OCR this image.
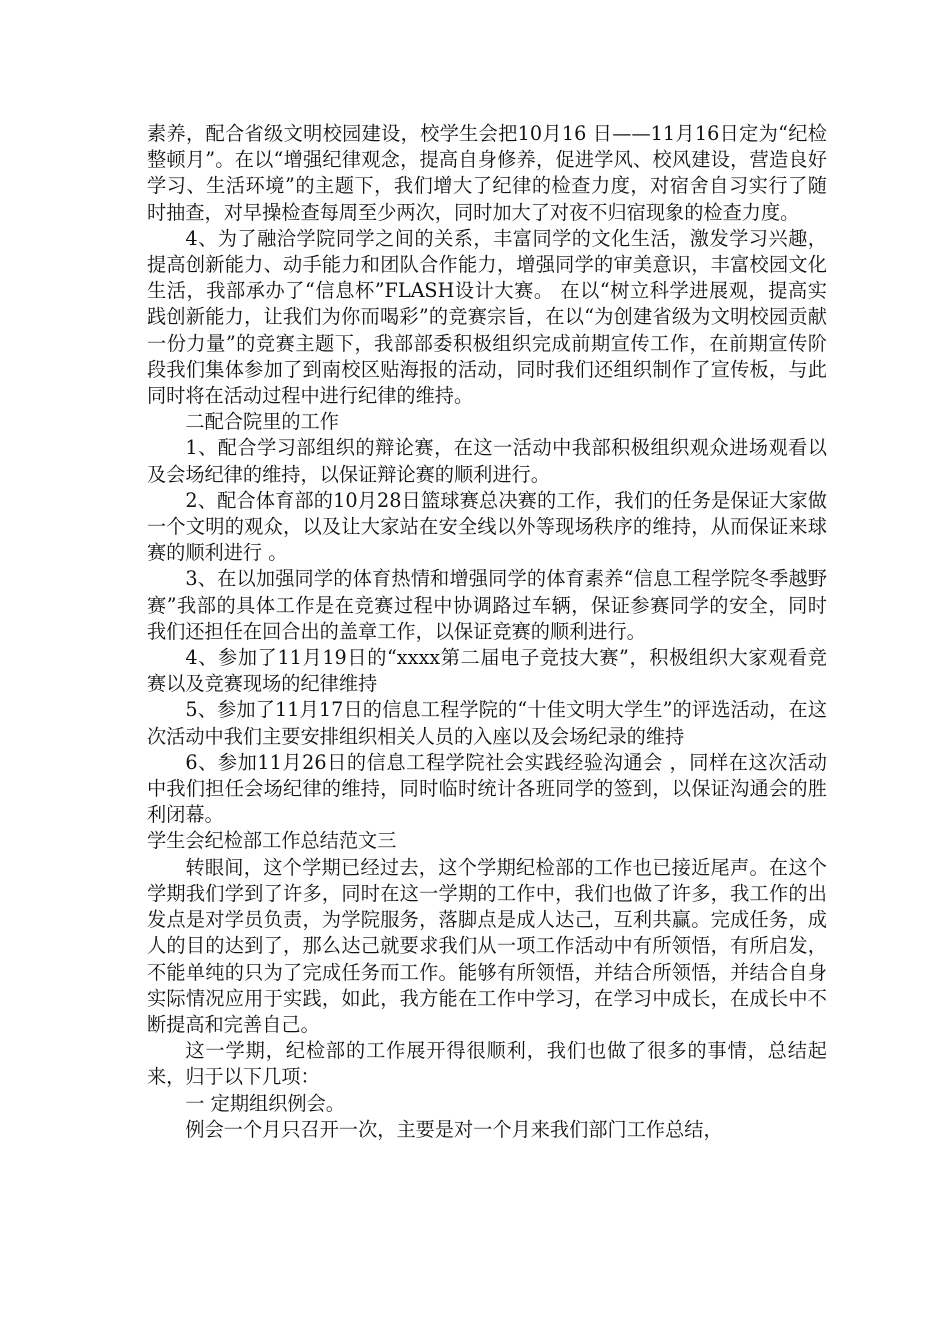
素养，配合省级文明校园建设，校学生会把10月16 日——11月16日定为“纪检整顿月”。在以“增强纪律观念，提高自身修养，促进学风、校风建设，营造良好学习、生活环境”的主题下，我们增大了纪律的检查力度，对宿舍自习实行了随时抽查，对早操检查每周至少两次，同时加大了对夜不归宿现象的检查力度。

4、为了融洽学院同学之间的关系，丰富同学的文化生活，激发学习兴趣，提高创新能力、动手能力和团队合作能力，增强同学的审美意识，丰富校园文化生活，我部承办了“信息杯”FLASH设计大赛。 在以“树立科学进展观，提高实践创新能力，让我们为你而喝彩”的竞赛宗旨，在以“为创建省级为文明校园贡献一份力量”的竞赛主题下，我部部委积极组织完成前期宣传工作，在前期宣传阶段我们集体参加了到南校区贴海报的活动，同时我们还组织制作了宣传板，与此同时将在活动过程中进行纪律的维持。

二配合院里的工作

1、配合学习部组织的辩论赛，在这一活动中我部积极组织观众进场观看以及会场纪律的维持，以保证辩论赛的顺利进行。

2、配合体育部的10月28日篮球赛总决赛的工作，我们的任务是保证大家做一个文明的观众，以及让大家站在安全线以外等现场秩序的维持，从而保证来球赛的顺利进行 。

3、在以加强同学的体育热情和增强同学的体育素养“信息工程学院冬季越野赛”我部的具体工作是在竞赛过程中协调路过车辆，保证参赛同学的安全，同时我们还担任在回合出的盖章工作，以保证竞赛的顺利进行。

4、参加了11月19日的“xxxx第二届电子竞技大赛”，积极组织大家观看竞赛以及竞赛现场的纪律维持

5、参加了11月17日的信息工程学院的“十佳文明大学生”的评选活动，在这次活动中我们主要安排组织相关人员的入座以及会场纪录的维持

6、参加11月26日的信息工程学院社会实践经验沟通会 ，同样在这次活动中我们担任会场纪律的维持，同时临时统计各班同学的签到，以保证沟通会的胜利闭幕。

学生会纪检部工作总结范文三

转眼间，这个学期已经过去，这个学期纪检部的工作也已接近尾声。在这个学期我们学到了许多，同时在这一学期的工作中，我们也做了许多，我工作的出发点是对学员负责，为学院服务，落脚点是成人达己，互利共赢。完成任务，成人的目的达到了，那么达己就要求我们从一项工作活动中有所领悟，有所启发，不能单纯的只为了完成任务而工作。能够有所领悟，并结合所领悟，并结合自身实际情况应用于实践，如此，我方能在工作中学习，在学习中成长，在成长中不断提高和完善自己。

这一学期，纪检部的工作展开得很顺利，我们也做了很多的事情，总结起来，归于以下几项：

一 定期组织例会。

例会一个月只召开一次，主要是对一个月来我们部门工作总结，
